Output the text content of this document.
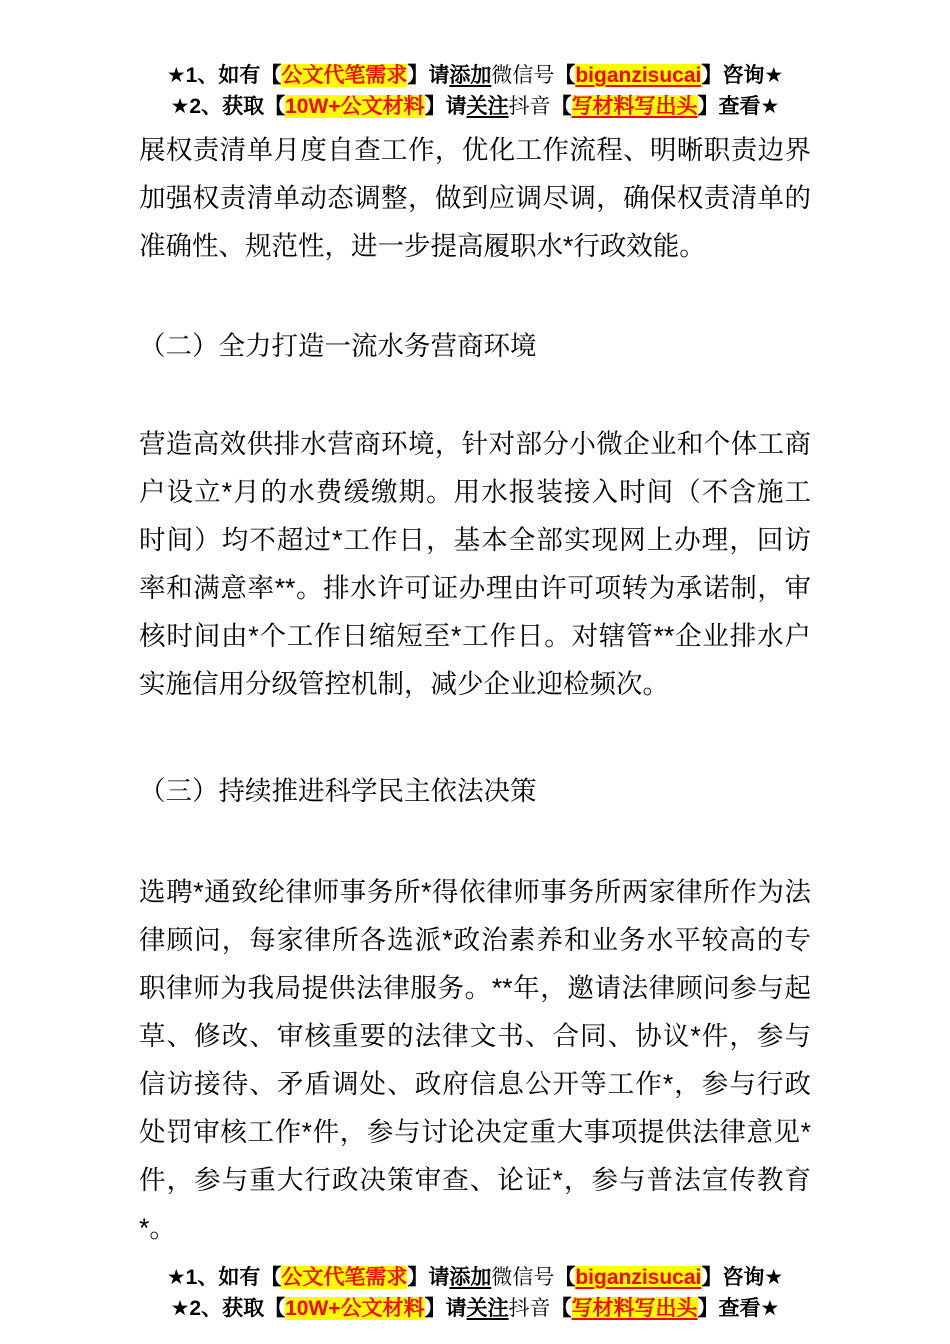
★1、如有【公文代笔需求】请添加微信号【biganzisucai】咨询★
★2、获取【10W+公文材料】请关注抖音【写材料写出头】查看★

展权责清单月度自查工作，优化工作流程、明晰职责边界加强权责清单动态调整，做到应调尽调，确保权责清单的准确性、规范性，进一步提高履职水*行政效能。

（二）全力打造一流水务营商环境

营造高效供排水营商环境，针对部分小微企业和个体工商户设立*月的水费缓缴期。用水报装接入时间（不含施工时间）均不超过*工作日，基本全部实现网上办理，回访率和满意率**。排水许可证办理由许可项转为承诺制，审核时间由*个工作日缩短至*工作日。对辖管**企业排水户实施信用分级管控机制，减少企业迎检频次。

（三）持续推进科学民主依法决策

选聘*通致纶律师事务所*得依律师事务所两家律所作为法律顾问，每家律所各选派*政治素养和业务水平较高的专职律师为我局提供法律服务。**年，邀请法律顾问参与起草、修改、审核重要的法律文书、合同、协议*件，参与信访接待、矛盾调处、政府信息公开等工作*，参与行政处罚审核工作*件，参与讨论决定重大事项提供法律意见*件，参与重大行政决策审查、论证*，参与普法宣传教育*。

★1、如有【公文代笔需求】请添加微信号【biganzisucai】咨询★
★2、获取【10W+公文材料】请关注抖音【写材料写出头】查看★
